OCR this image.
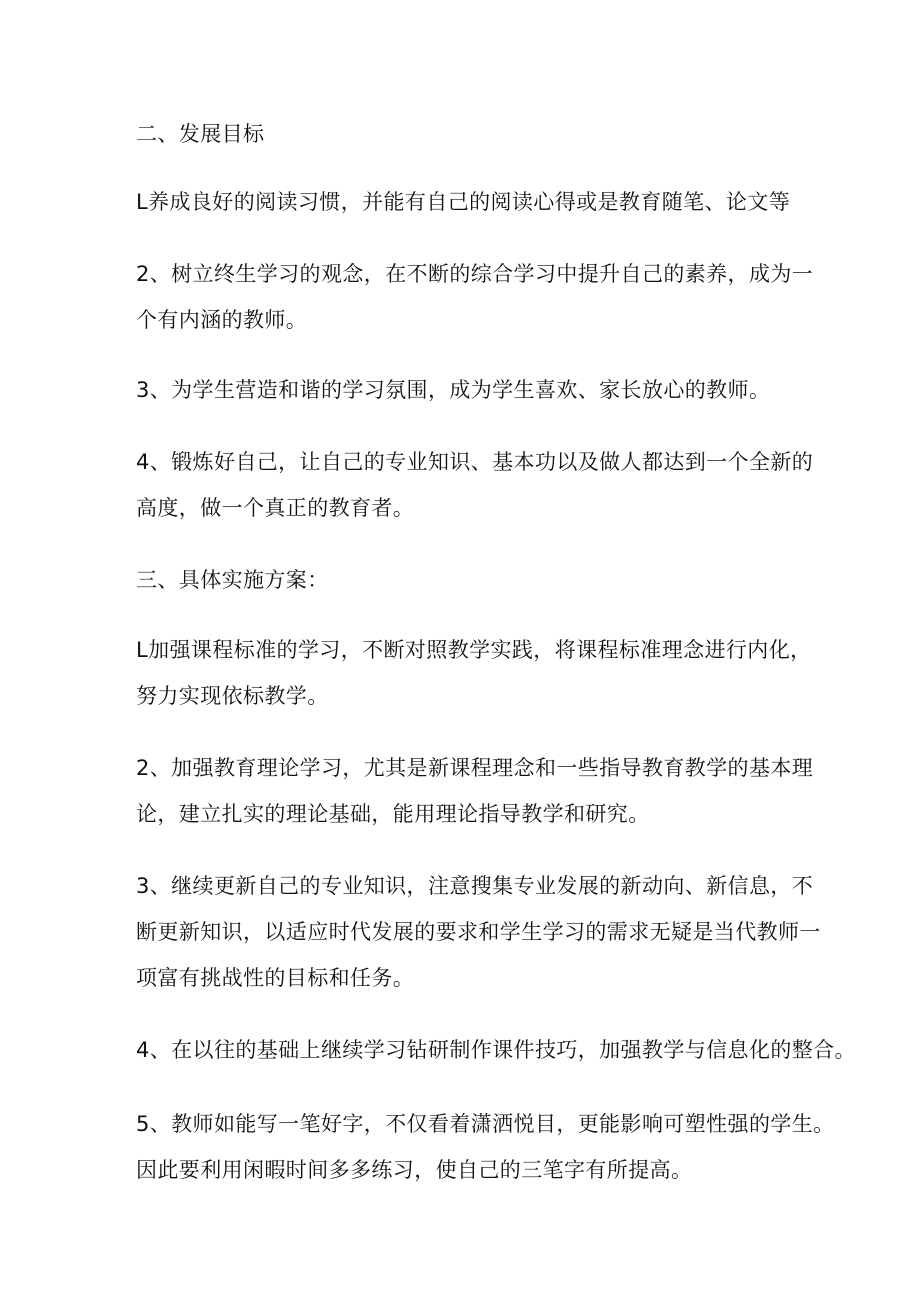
二、发展目标
L养成良好的阅读习惯，并能有自己的阅读心得或是教育随笔、论文等
2、树立终生学习的观念，在不断的综合学习中提升自己的素养，成为一
个有内涵的教师。
3、为学生营造和谐的学习氛围，成为学生喜欢、家长放心的教师。
4、锻炼好自己，让自己的专业知识、基本功以及做人都达到一个全新的
高度，做一个真正的教育者。
三、具体实施方案：
L加强课程标准的学习，不断对照教学实践，将课程标准理念进行内化，
努力实现依标教学。
2、加强教育理论学习，尤其是新课程理念和一些指导教育教学的基本理
论，建立扎实的理论基础，能用理论指导教学和研究。
3、继续更新自己的专业知识，注意搜集专业发展的新动向、新信息，不
断更新知识，以适应时代发展的要求和学生学习的需求无疑是当代教师一
项富有挑战性的目标和任务。
4、在以往的基础上继续学习钻研制作课件技巧，加强教学与信息化的整合。
5、教师如能写一笔好字，不仅看着潇洒悦目，更能影响可塑性强的学生。
因此要利用闲暇时间多多练习，使自己的三笔字有所提高。
